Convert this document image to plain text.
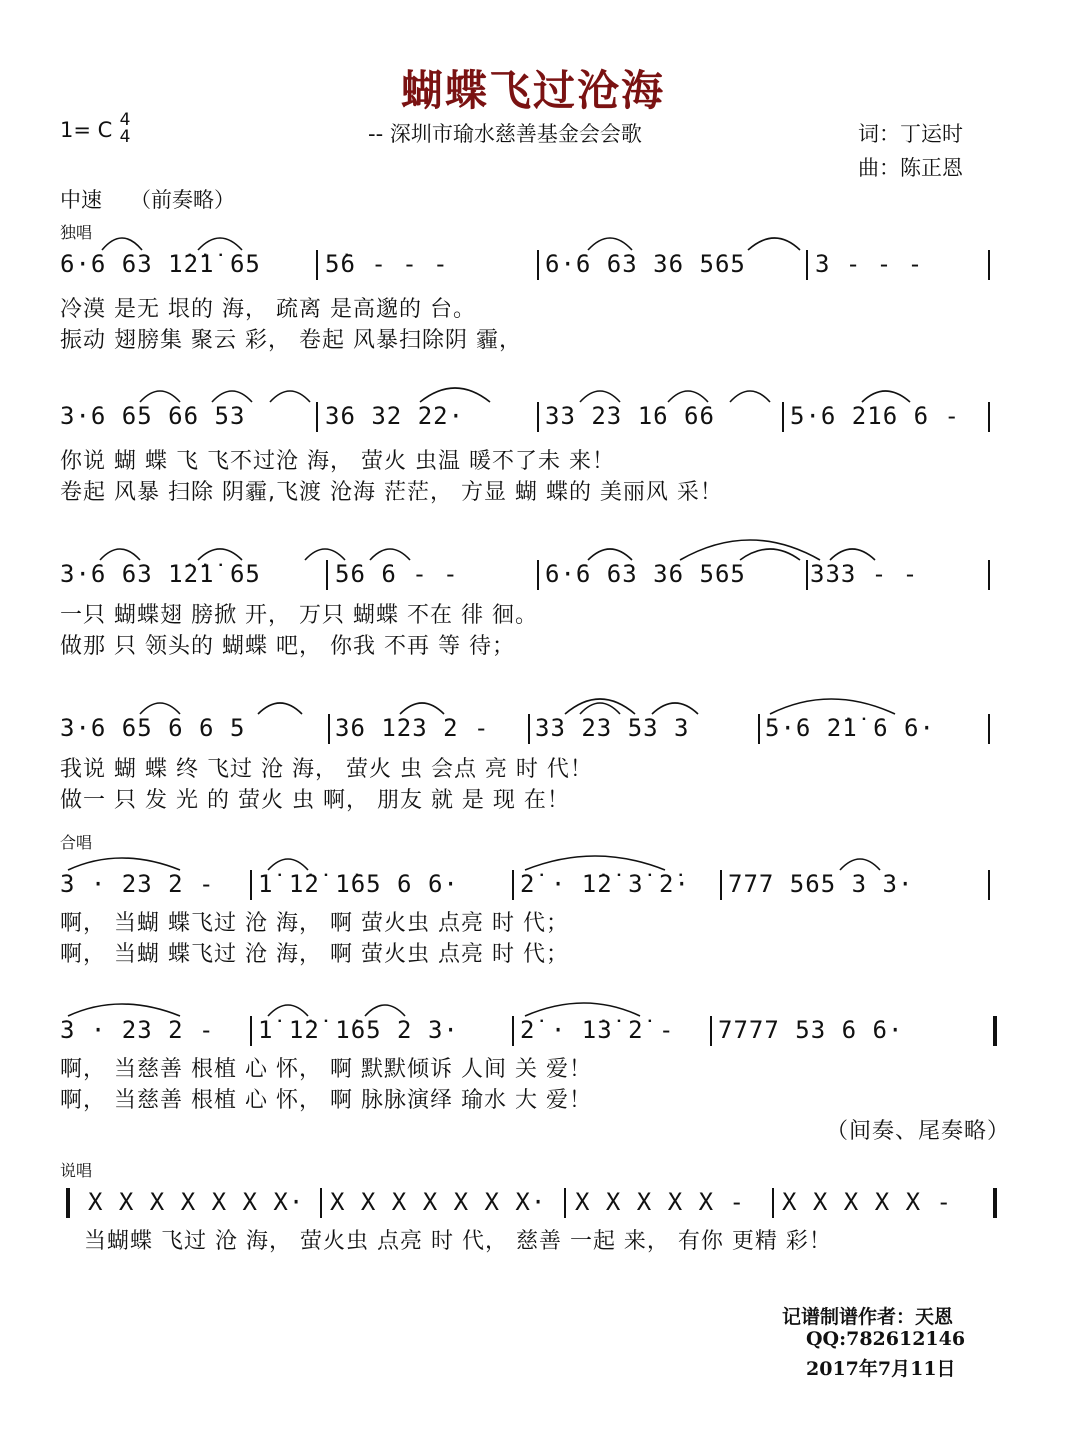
蝴蝶飞过沧海
1= C 4
4	-- 深圳市瑜水慈善基金会会歌	词：丁运时
曲：陈正恩
中速 （前奏略）
独唱
6·6 63 1̇2̇1̇ 65	5̇6 - - -	6·6 63 36 565	3 - - -
冷漠 是无 垠的 海， 疏离 是高邈的 台。
振动 翅膀集 聚云 彩， 卷起 风暴扫除阴 霾，
3·6 65 66 53	36 32 22·	33 23 16 66	5·6 216 6 -
你说 蝴 蝶 飞 飞不过沧 海， 萤火 虫温 暖不了未 来！
卷起 风暴 扫除 阴霾,飞渡 沧海 茫茫， 方显 蝴 蝶的 美丽风 采！
3·6 63 1̇2̇1̇ 65	56 6 - -	6·6 63 36 565	333 - -
一只 蝴蝶翅 膀掀 开， 万只 蝴蝶 不在 徘 徊。
做那 只 领头的 蝴蝶 吧， 你我 不再 等 待；
3·6 65 6 6 5	36 123 2 - 33 23 53 3	5·6 2̇1̇ 6 6·
我说 蝴 蝶 终 飞过 沧 海， 萤火 虫 会点 亮 时 代！
做一 只 发 光 的 萤火 虫 啊， 朋友 就 是 现 在！
合唱
3 · 23 2 - 1̇ 1̇2̇ 1̇65 6 6·	2̇ · 1̇2̇ 3̇ 2̇· 777 565 3 3·
啊， 当蝴 蝶飞过 沧 海， 啊 萤火虫 点亮 时 代；
啊， 当蝴 蝶飞过 沧 海， 啊 萤火虫 点亮 时 代；
3 · 23 2 - 1̇ 1̇2̇ 1̇65 2 3·	2̇ · 1̇3̇ 2̇ - 7777 53 6 6·
啊， 当慈善 根植 心 怀， 啊 默默倾诉 人间 关 爱！
啊， 当慈善 根植 心 怀， 啊 脉脉演绎 瑜水 大 爱！
（间奏、尾奏略）
说唱
X X X X X X X· X X X X X X X· X X X X X - X X X X X -
当蝴蝶 飞过 沧 海， 萤火虫 点亮 时 代， 慈善 一起 来， 有你 更精 彩！
记谱制谱作者：天恩
QQ:782612146
2017年7月11日
